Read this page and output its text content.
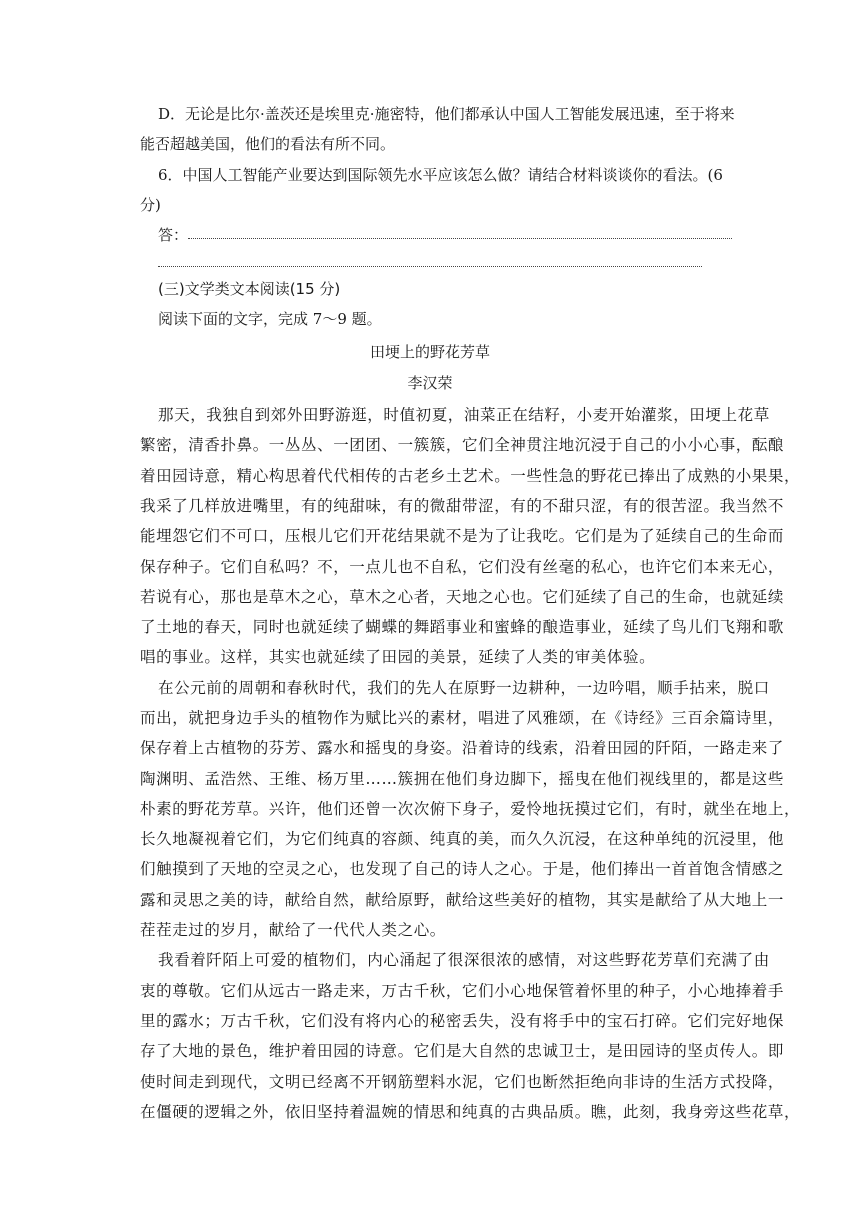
D．无论是比尔·盖茨还是埃里克·施密特，他们都承认中国人工智能发展迅速，至于将来
能否超越美国，他们的看法有所不同。
6．中国人工智能产业要达到国际领先水平应该怎么做？请结合材料谈谈你的看法。(6
分)
答：
(三)文学类文本阅读(15 分)
阅读下面的文字，完成 7～9 题。
田埂上的野花芳草
李汉荣
那天，我独自到郊外田野游逛，时值初夏，油菜正在结籽，小麦开始灌浆，田埂上花草
繁密，清香扑鼻。一丛丛、一团团、一簇簇，它们全神贯注地沉浸于自己的小小心事，酝酿
着田园诗意，精心构思着代代相传的古老乡土艺术。一些性急的野花已捧出了成熟的小果果，
我采了几样放进嘴里，有的纯甜味，有的微甜带涩，有的不甜只涩，有的很苦涩。我当然不
能埋怨它们不可口，压根儿它们开花结果就不是为了让我吃。它们是为了延续自己的生命而
保存种子。它们自私吗？不，一点儿也不自私，它们没有丝毫的私心，也许它们本来无心，
若说有心，那也是草木之心，草木之心者，天地之心也。它们延续了自己的生命，也就延续
了土地的春天，同时也就延续了蝴蝶的舞蹈事业和蜜蜂的酿造事业，延续了鸟儿们飞翔和歌
唱的事业。这样，其实也就延续了田园的美景，延续了人类的审美体验。
在公元前的周朝和春秋时代，我们的先人在原野一边耕种，一边吟唱，顺手拈来，脱口
而出，就把身边手头的植物作为赋比兴的素材，唱进了风雅颂，在《诗经》三百余篇诗里，
保存着上古植物的芬芳、露水和摇曳的身姿。沿着诗的线索，沿着田园的阡陌，一路走来了
陶渊明、孟浩然、王维、杨万里……簇拥在他们身边脚下，摇曳在他们视线里的，都是这些
朴素的野花芳草。兴许，他们还曾一次次俯下身子，爱怜地抚摸过它们，有时，就坐在地上，
长久地凝视着它们，为它们纯真的容颜、纯真的美，而久久沉浸，在这种单纯的沉浸里，他
们触摸到了天地的空灵之心，也发现了自己的诗人之心。于是，他们捧出一首首饱含情感之
露和灵思之美的诗，献给自然，献给原野，献给这些美好的植物，其实是献给了从大地上一
茬茬走过的岁月，献给了一代代人类之心。
我看着阡陌上可爱的植物们，内心涌起了很深很浓的感情，对这些野花芳草们充满了由
衷的尊敬。它们从远古一路走来，万古千秋，它们小心地保管着怀里的种子，小心地捧着手
里的露水；万古千秋，它们没有将内心的秘密丢失，没有将手中的宝石打碎。它们完好地保
存了大地的景色，维护着田园的诗意。它们是大自然的忠诚卫士，是田园诗的坚贞传人。即
使时间走到现代，文明已经离不开钢筋塑料水泥，它们也断然拒绝向非诗的生活方式投降，
在僵硬的逻辑之外，依旧坚持着温婉的情思和纯真的古典品质。瞧，此刻，我身旁这些花草，
